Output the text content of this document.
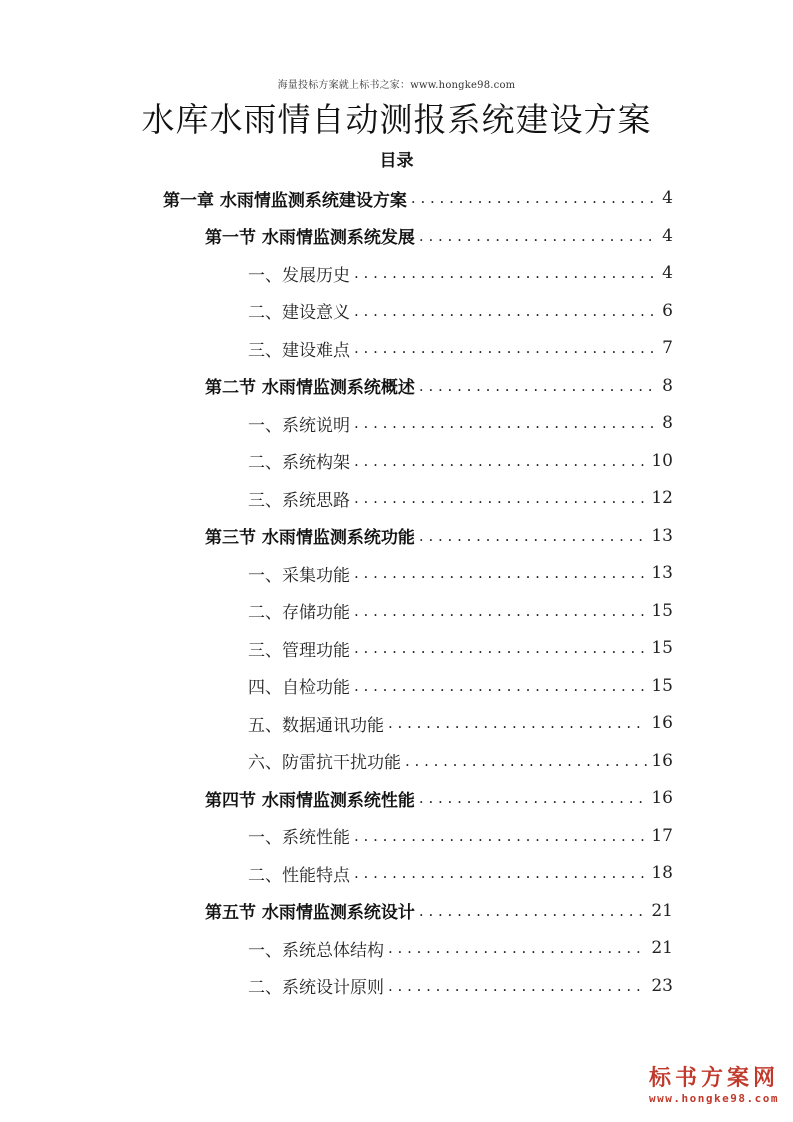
海量投标方案就上标书之家：www.hongke98.com
水库水雨情自动测报系统建设方案
目录
第一章 水雨情监测系统建设方案 . . .	4
第一节 水雨情监测系统发展 . . .	4
一、发展历史 . . .	4
二、建设意义 . . .	6
三、建设难点 . . .	7
第二节 水雨情监测系统概述 . . .	8
一、系统说明 . . .	8
二、系统构架 . . .	10
三、系统思路 . . .	12
第三节 水雨情监测系统功能 . . .	13
一、采集功能 . . .	13
二、存储功能 . . .	15
三、管理功能 . . .	15
四、自检功能 . . .	15
五、数据通讯功能 . . .	16
六、防雷抗干扰功能 . . .	16
第四节 水雨情监测系统性能 . . .	16
一、系统性能 . . .	17
二、性能特点 . . .	18
第五节 水雨情监测系统设计 . . .	21
一、系统总体结构 . . .	21
二、系统设计原则 . . .	23
标书方案网
www.hongke98.com
